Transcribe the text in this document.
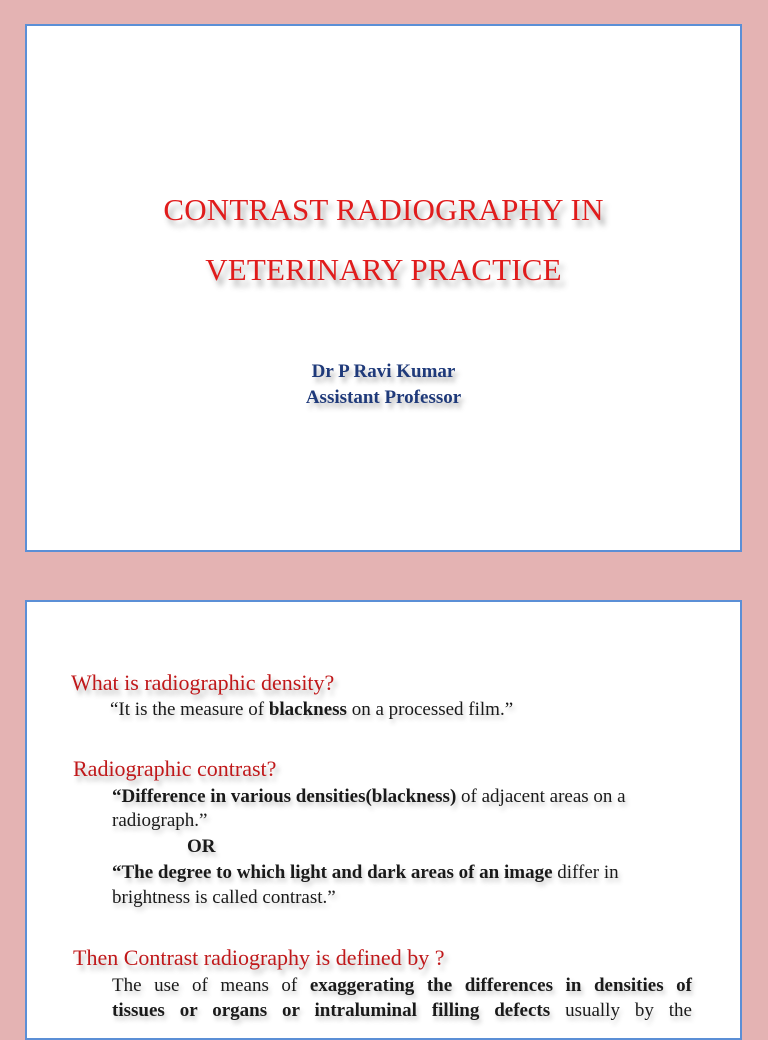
CONTRAST RADIOGRAPHY IN
VETERINARY PRACTICE
Dr P Ravi Kumar
Assistant Professor
What is radiographic density?
“It is the measure of blackness on a processed film.”
Radiographic contrast?
“Difference in various densities(blackness) of adjacent areas on a
radiograph.”
OR
“The degree to which light and dark areas of an image differ in
brightness is called contrast.”
Then Contrast radiography is defined by ?
The use of means of exaggerating the differences in densities of
tissues or organs or intraluminal filling defects usually by the
